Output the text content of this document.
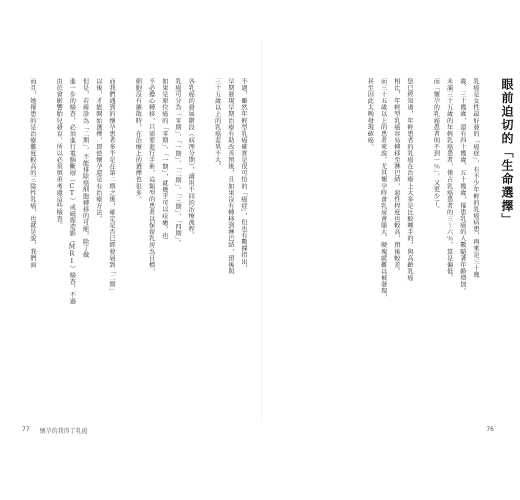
不過，雖然年輕型乳癌確實是很可怕的「癌症」，但也有數據指出，
早期發現早期治療有助改善預後，且如果沒有轉移到淋巴結，預後與
三十五歲以上的乳癌差異不大。
各乳癌的發展階段（病理分期），適用不同的治療流程。
乳癌可分為「零期」、「一期」、「二期」、「三期」、「四期」。
如果是原位癌的「零期」、「一期」，就幾乎可以痊癒，也
不必擔心轉移，只需要進行手術，這類型的患者以保留乳房為目標，
細胞沒有擴散時，在治療上的選擇也很多。
而我們遇到的懷孕患者多半是在第二期之後，確定是否已經發展到「二期」
以後，才能開始選擇，即使懷孕還是有治療方法。
但是，若確診為「二期」，不能排除癌細胞轉移的可能，除了做
進一步的檢查，必須進行電腦斷層（CT）或磁振造影（MRI）檢查，不過
由於會影響胎兒發育，所以必須慎重考慮這些檢查。
而且，她罹患的是治療難度較高的三陰性乳癌，也就是說，我們面
77 懷孕的我得了乳癌
眼前迫切的「生命選擇」
乳癌是女性最好發的「癌症」，有不少年輕的乳癌病患，再來是三十幾
歲、三十幾歲，還有四十幾歲、五十幾歲，罹患乳癌的人數隨著年齡增加。
未滿三十五歲的年輕乳癌患者，僅占乳癌患者的三～六％，算是偏低。
而「懷孕的乳癌患者則不到一％」，又更少了。
您已經知道，年輕患者的乳癌在治療上大多是比較棘手的，與高齡乳癌
相比，年輕型乳癌容易轉移至淋巴結，惡性程度也較高，預後較差。
而三十五歲以上的患者來說，尤其懷孕時會乳房會脹大、硬塊就難以被發現，
甚至因此太晚發現確癌。
76
